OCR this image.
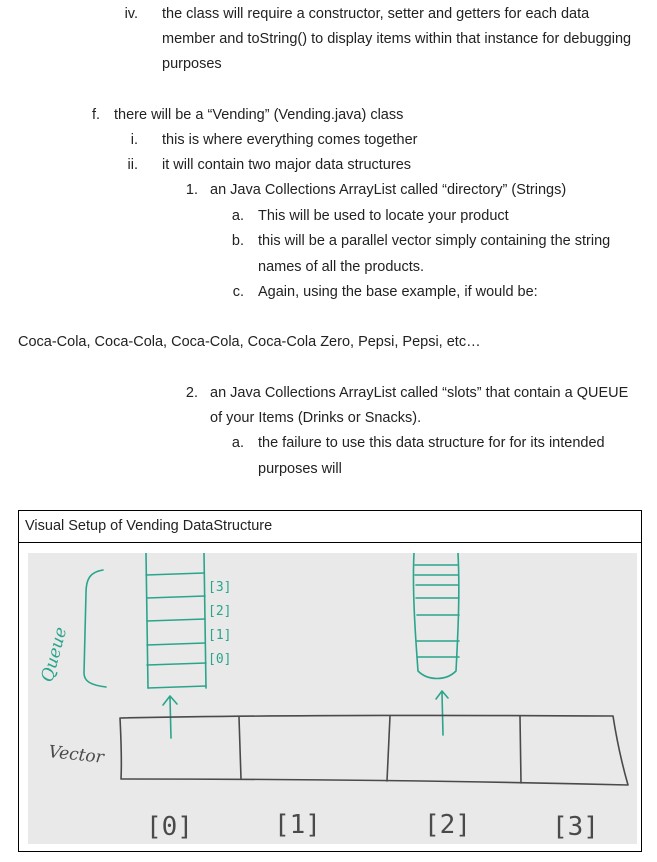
iv. the class will require a constructor, setter and getters for each data
member and toString() to display items within that instance for debugging
purposes
f. there will be a “Vending” (Vending.java) class
i. this is where everything comes together
ii. it will contain two major data structures
1. an Java Collections ArrayList called “directory” (Strings)
a. This will be used to locate your product
b. this will be a parallel vector simply containing the string
names of all the products.
c. Again, using the base example, if would be:
Coca-Cola, Coca-Cola, Coca-Cola, Coca-Cola Zero, Pepsi, Pepsi, etc…
2. an Java Collections ArrayList called “slots” that contain a QUEUE
of your Items (Drinks or Snacks).
a. the failure to use this data structure for for its intended
purposes will
Visual Setup of Vending DataStructure
Queue
[3]
[2]
[1]
[0]
Vector
[0]	[1]	[2]	[3]
